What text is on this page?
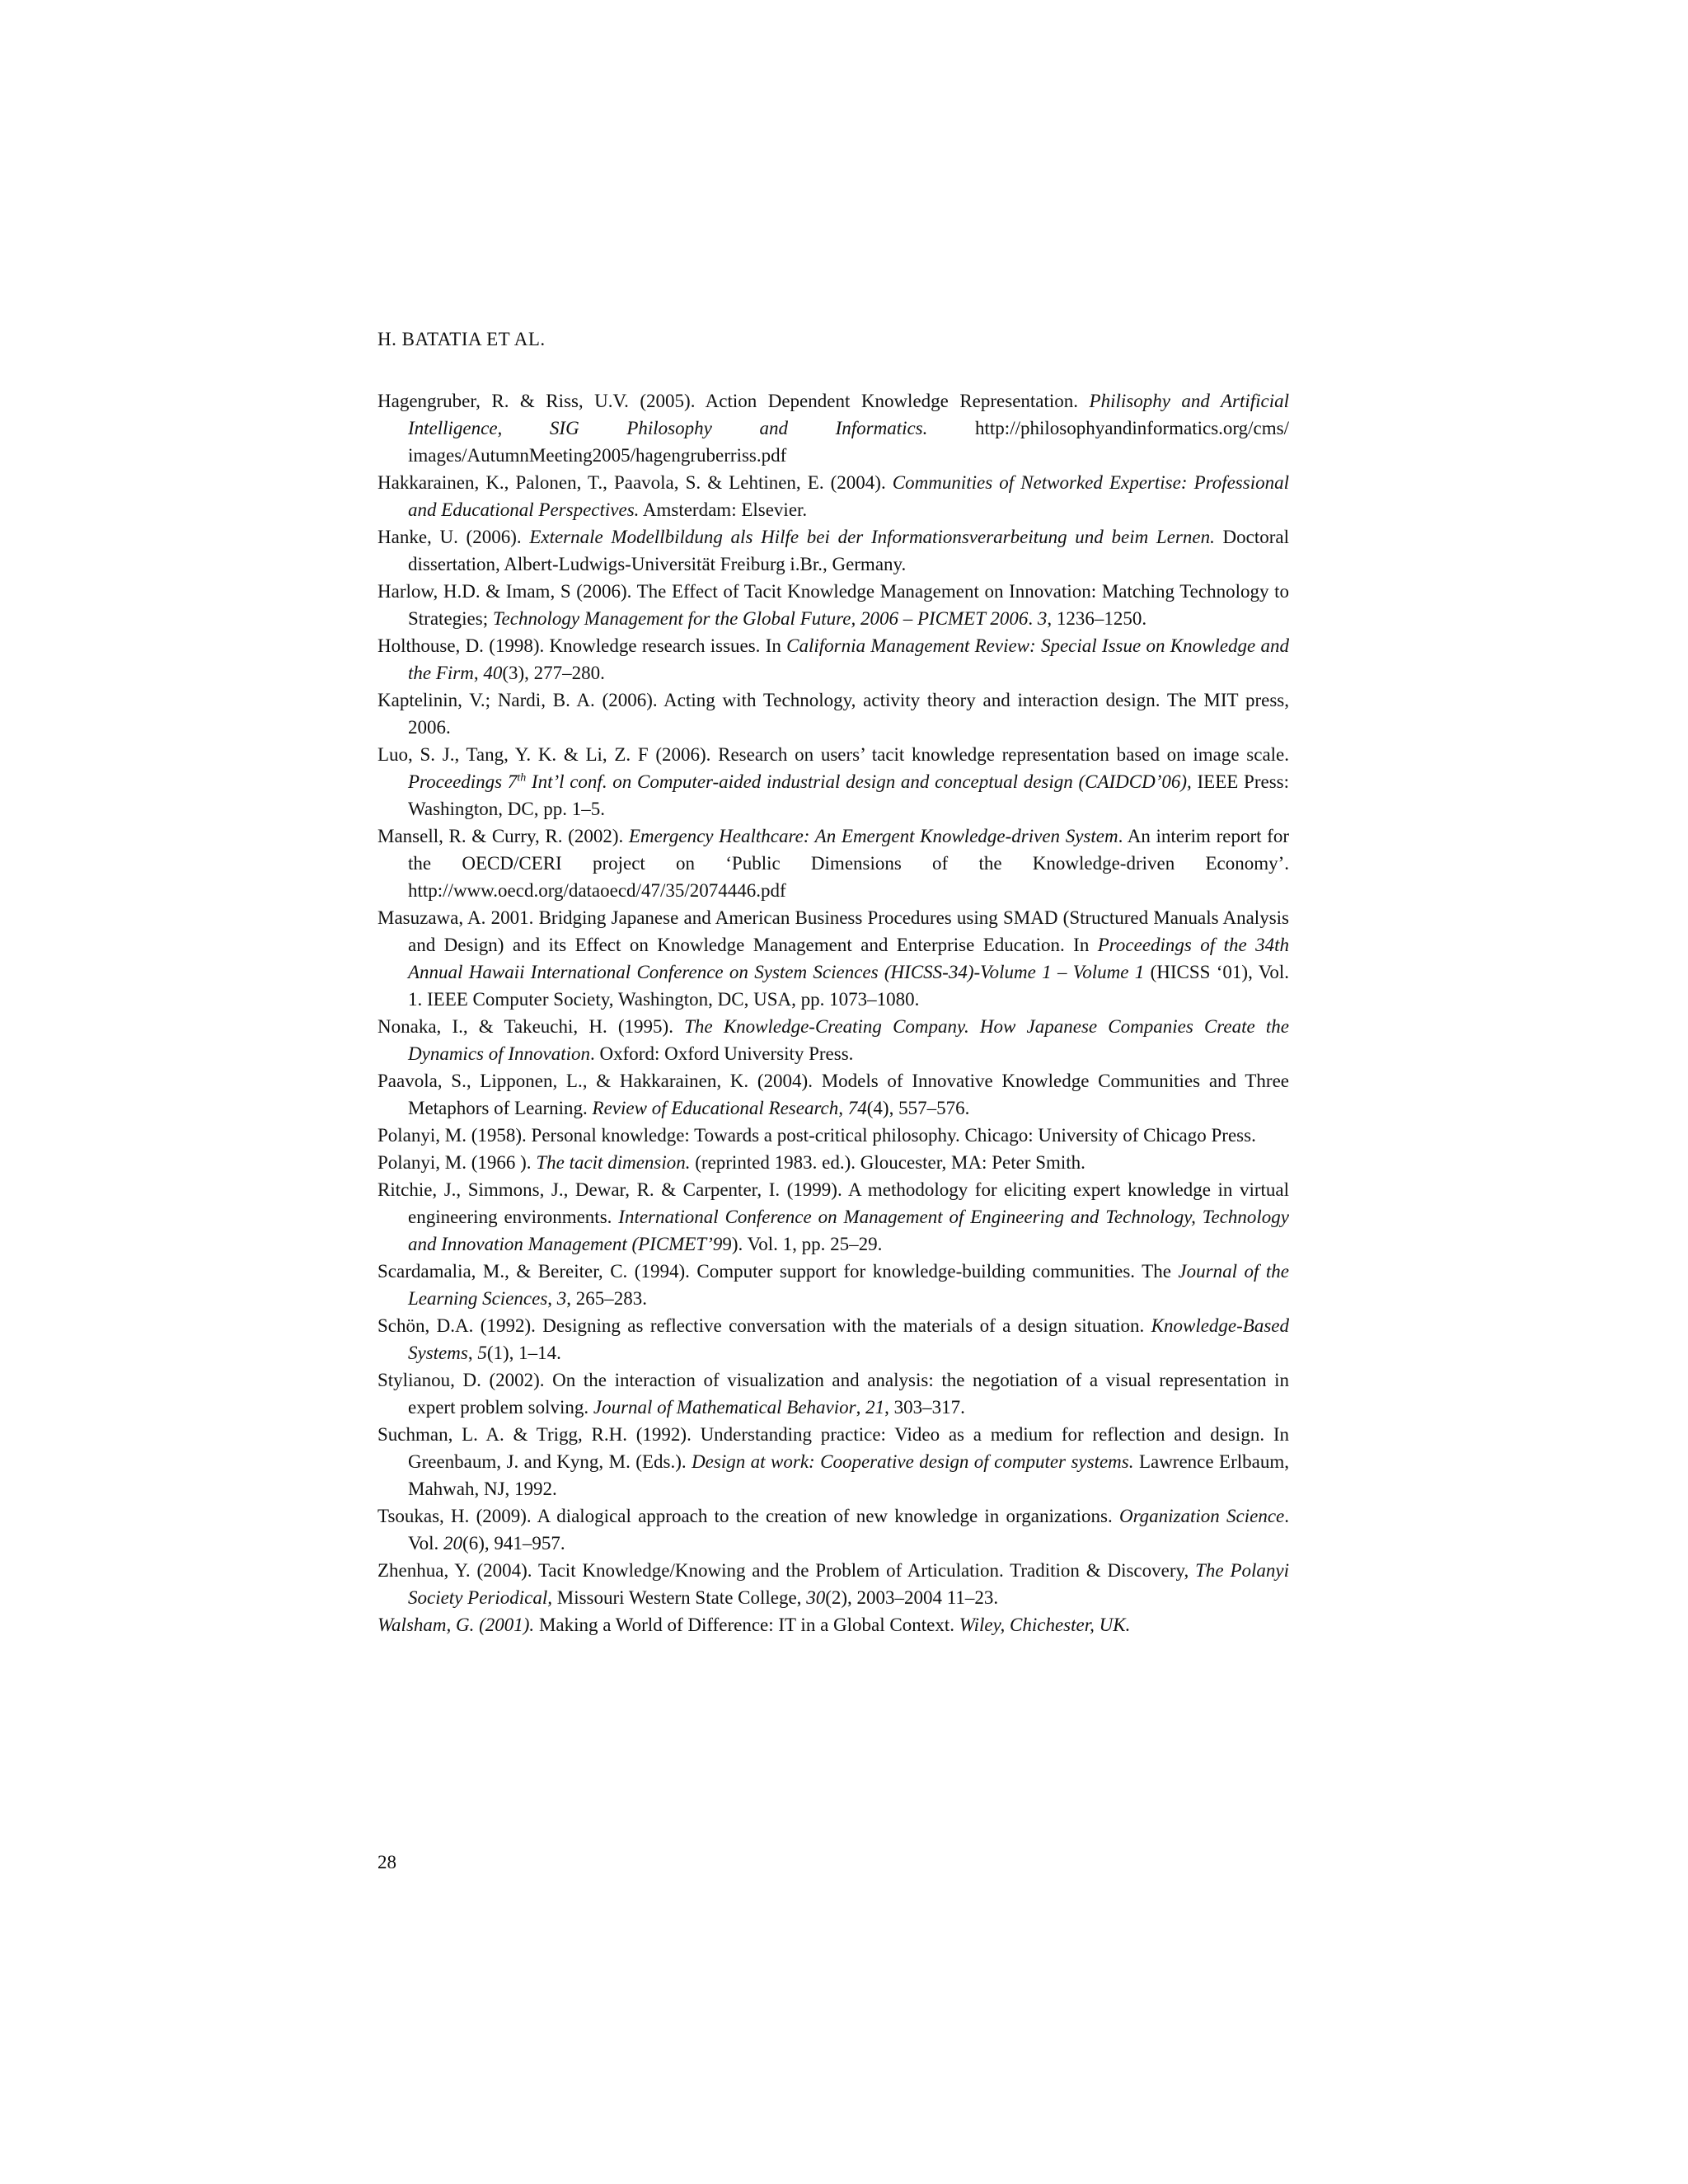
H. BATATIA ET AL.

Hagengruber, R. & Riss, U.V. (2005). Action Dependent Knowledge Representation. Philisophy and Artificial Intelligence, SIG Philosophy and Informatics. http://philosophyandinformatics.org/cms/ images/AutumnMeeting2005/hagengruberriss.pdf
Hakkarainen, K., Palonen, T., Paavola, S. & Lehtinen, E. (2004). Communities of Networked Expertise: Professional and Educational Perspectives. Amsterdam: Elsevier.
Hanke, U. (2006). Externale Modellbildung als Hilfe bei der Informationsverarbeitung und beim Lernen. Doctoral dissertation, Albert-Ludwigs-Universität Freiburg i.Br., Germany.
Harlow, H.D. & Imam, S (2006). The Effect of Tacit Knowledge Management on Innovation: Matching Technology to Strategies; Technology Management for the Global Future, 2006 – PICMET 2006. 3, 1236–1250.
Holthouse, D. (1998). Knowledge research issues. In California Management Review: Special Issue on Knowledge and the Firm, 40(3), 277–280.
Kaptelinin, V.; Nardi, B. A. (2006). Acting with Technology, activity theory and interaction design. The MIT press, 2006.
Luo, S. J., Tang, Y. K. & Li, Z. F (2006). Research on users’ tacit knowledge representation based on image scale. Proceedings 7th Int’l conf. on Computer-aided industrial design and conceptual design (CAIDCD’06), IEEE Press: Washington, DC, pp. 1–5.
Mansell, R. & Curry, R. (2002). Emergency Healthcare: An Emergent Knowledge-driven System. An interim report for the OECD/CERI project on ‘Public Dimensions of the Knowledge-driven Economy’. http://www.oecd.org/dataoecd/47/35/2074446.pdf
Masuzawa, A. 2001. Bridging Japanese and American Business Procedures using SMAD (Structured Manuals Analysis and Design) and its Effect on Knowledge Management and Enterprise Education. In Proceedings of the 34th Annual Hawaii International Conference on System Sciences (HICSS-34)-Volume 1 – Volume 1 (HICSS ‘01), Vol. 1. IEEE Computer Society, Washington, DC, USA, pp. 1073–1080.
Nonaka, I., & Takeuchi, H. (1995). The Knowledge-Creating Company. How Japanese Companies Create the Dynamics of Innovation. Oxford: Oxford University Press.
Paavola, S., Lipponen, L., & Hakkarainen, K. (2004). Models of Innovative Knowledge Communities and Three Metaphors of Learning. Review of Educational Research, 74(4), 557–576.
Polanyi, M. (1958). Personal knowledge: Towards a post-critical philosophy. Chicago: University of Chicago Press.
Polanyi, M. (1966 ). The tacit dimension. (reprinted 1983. ed.). Gloucester, MA: Peter Smith.
Ritchie, J., Simmons, J., Dewar, R. & Carpenter, I. (1999). A methodology for eliciting expert knowledge in virtual engineering environments. International Conference on Management of Engineering and Technology, Technology and Innovation Management (PICMET’99). Vol. 1, pp. 25–29.
Scardamalia, M., & Bereiter, C. (1994). Computer support for knowledge-building communities. The Journal of the Learning Sciences, 3, 265–283.
Schön, D.A. (1992). Designing as reflective conversation with the materials of a design situation. Knowledge-Based Systems, 5(1), 1–14.
Stylianou, D. (2002). On the interaction of visualization and analysis: the negotiation of a visual representation in expert problem solving. Journal of Mathematical Behavior, 21, 303–317.
Suchman, L. A. & Trigg, R.H. (1992). Understanding practice: Video as a medium for reflection and design. In Greenbaum, J. and Kyng, M. (Eds.). Design at work: Cooperative design of computer systems. Lawrence Erlbaum, Mahwah, NJ, 1992.
Tsoukas, H. (2009). A dialogical approach to the creation of new knowledge in organizations. Organization Science. Vol. 20(6), 941–957.
Zhenhua, Y. (2004). Tacit Knowledge/Knowing and the Problem of Articulation. Tradition & Discovery, The Polanyi Society Periodical, Missouri Western State College, 30(2), 2003–2004 11–23.
Walsham, G. (2001). Making a World of Difference: IT in a Global Context. Wiley, Chichester, UK.

28
